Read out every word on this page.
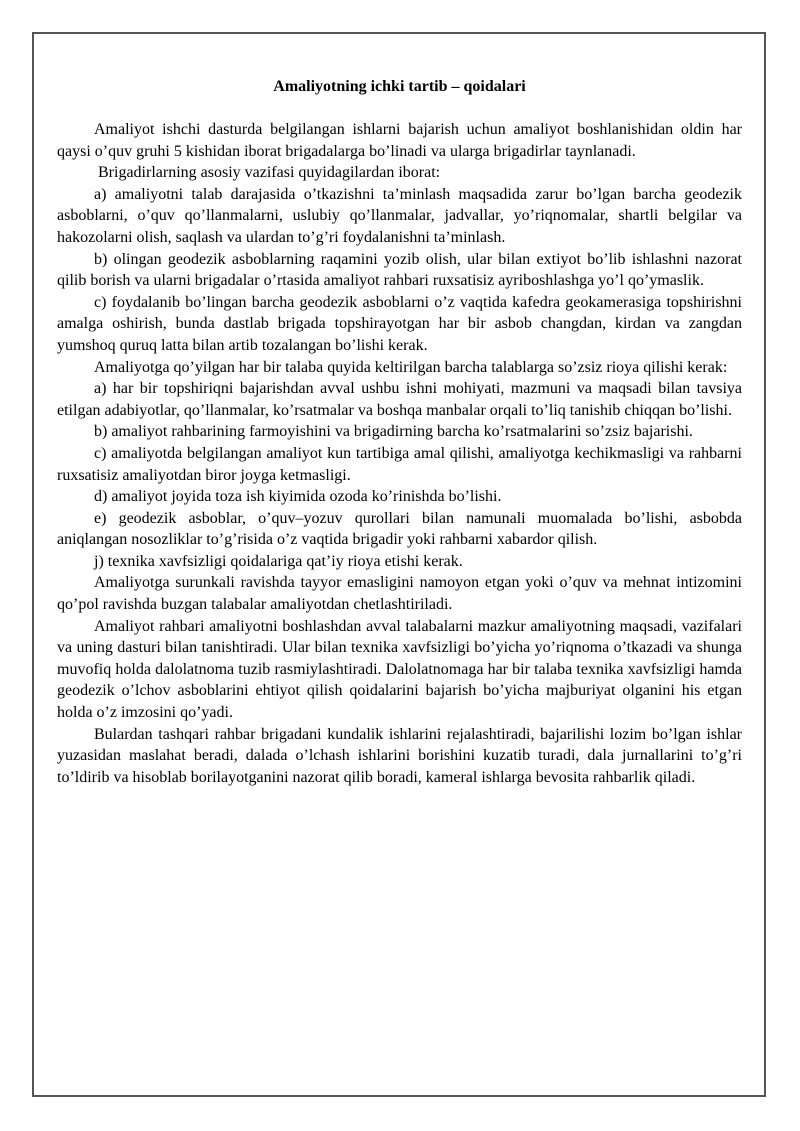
Amaliyotning ichki tartib – qoidalari

Amaliyot ishchi dasturda belgilangan ishlarni bajarish uchun amaliyot boshlanishidan oldin har qaysi o’quv gruhi 5 kishidan iborat brigadalarga bo’linadi va ularga brigadirlar taynlanadi.

Brigadirlarning asosiy vazifasi quyidagilardan iborat:

a) amaliyotni talab darajasida o’tkazishni ta’minlash maqsadida zarur bo’lgan barcha geodezik asboblarni, o’quv qo’llanmalarni, uslubiy qo’llanmalar, jadvallar, yo’riqnomalar, shartli belgilar va hakozolarni olish, saqlash va ulardan to’g’ri foydalanishni ta’minlash.

b) olingan geodezik asboblarning raqamini yozib olish, ular bilan extiyot bo’lib ishlashni nazorat qilib borish va ularni brigadalar o’rtasida amaliyot rahbari ruxsatisiz ayriboshlashga yo’l qo’ymaslik.

c) foydalanib bo’lingan barcha geodezik asboblarni o’z vaqtida kafedra geokamerasiga topshirishni amalga oshirish, bunda dastlab brigada topshirayotgan har bir asbob changdan, kirdan va zangdan yumshoq quruq latta bilan artib tozalangan bo’lishi kerak.

Amaliyotga qo’yilgan har bir talaba quyida keltirilgan barcha talablarga so’zsiz rioya qilishi kerak:

a) har bir topshiriqni bajarishdan avval ushbu ishni mohiyati, mazmuni va maqsadi bilan tavsiya etilgan adabiyotlar, qo’llanmalar, ko’rsatmalar va boshqa manbalar orqali to’liq tanishib chiqqan bo’lishi.

b) amaliyot rahbarining farmoyishini va brigadirning barcha ko’rsatmalarini so’zsiz bajarishi.

c) amaliyotda belgilangan amaliyot kun tartibiga amal qilishi, amaliyotga kechikmasligi va rahbarni ruxsatisiz amaliyotdan biror joyga ketmasligi.

d) amaliyot joyida toza ish kiyimida ozoda ko’rinishda bo’lishi.

e) geodezik asboblar, o’quv–yozuv qurollari bilan namunali muomalada bo’lishi, asbobda aniqlangan nosozliklar to’g’risida o’z vaqtida brigadir yoki rahbarni xabardor qilish.

j) texnika xavfsizligi qoidalariga qat’iy rioya etishi kerak.

Amaliyotga surunkali ravishda tayyor emasligini namoyon etgan yoki o’quv va mehnat intizomini qo’pol ravishda buzgan talabalar amaliyotdan chetlashtiriladi.

Amaliyot rahbari amaliyotni boshlashdan avval talabalarni mazkur amaliyotning maqsadi, vazifalari va uning dasturi bilan tanishtiradi. Ular bilan texnika xavfsizligi bo’yicha yo’riqnoma o’tkazadi va shunga muvofiq holda dalolatnoma tuzib rasmiylashtiradi. Dalolatnomaga har bir talaba texnika xavfsizligi hamda geodezik o’lchov asboblarini ehtiyot qilish qoidalarini bajarish bo’yicha majburiyat olganini his etgan holda o’z imzosini qo’yadi.

Bulardan tashqari rahbar brigadani kundalik ishlarini rejalashtiradi, bajarilishi lozim bo’lgan ishlar yuzasidan maslahat beradi, dalada o’lchash ishlarini borishini kuzatib turadi, dala jurnallarini to’g’ri to’ldirib va hisoblab borilayotganini nazorat qilib boradi, kameral ishlarga bevosita rahbarlik qiladi.
